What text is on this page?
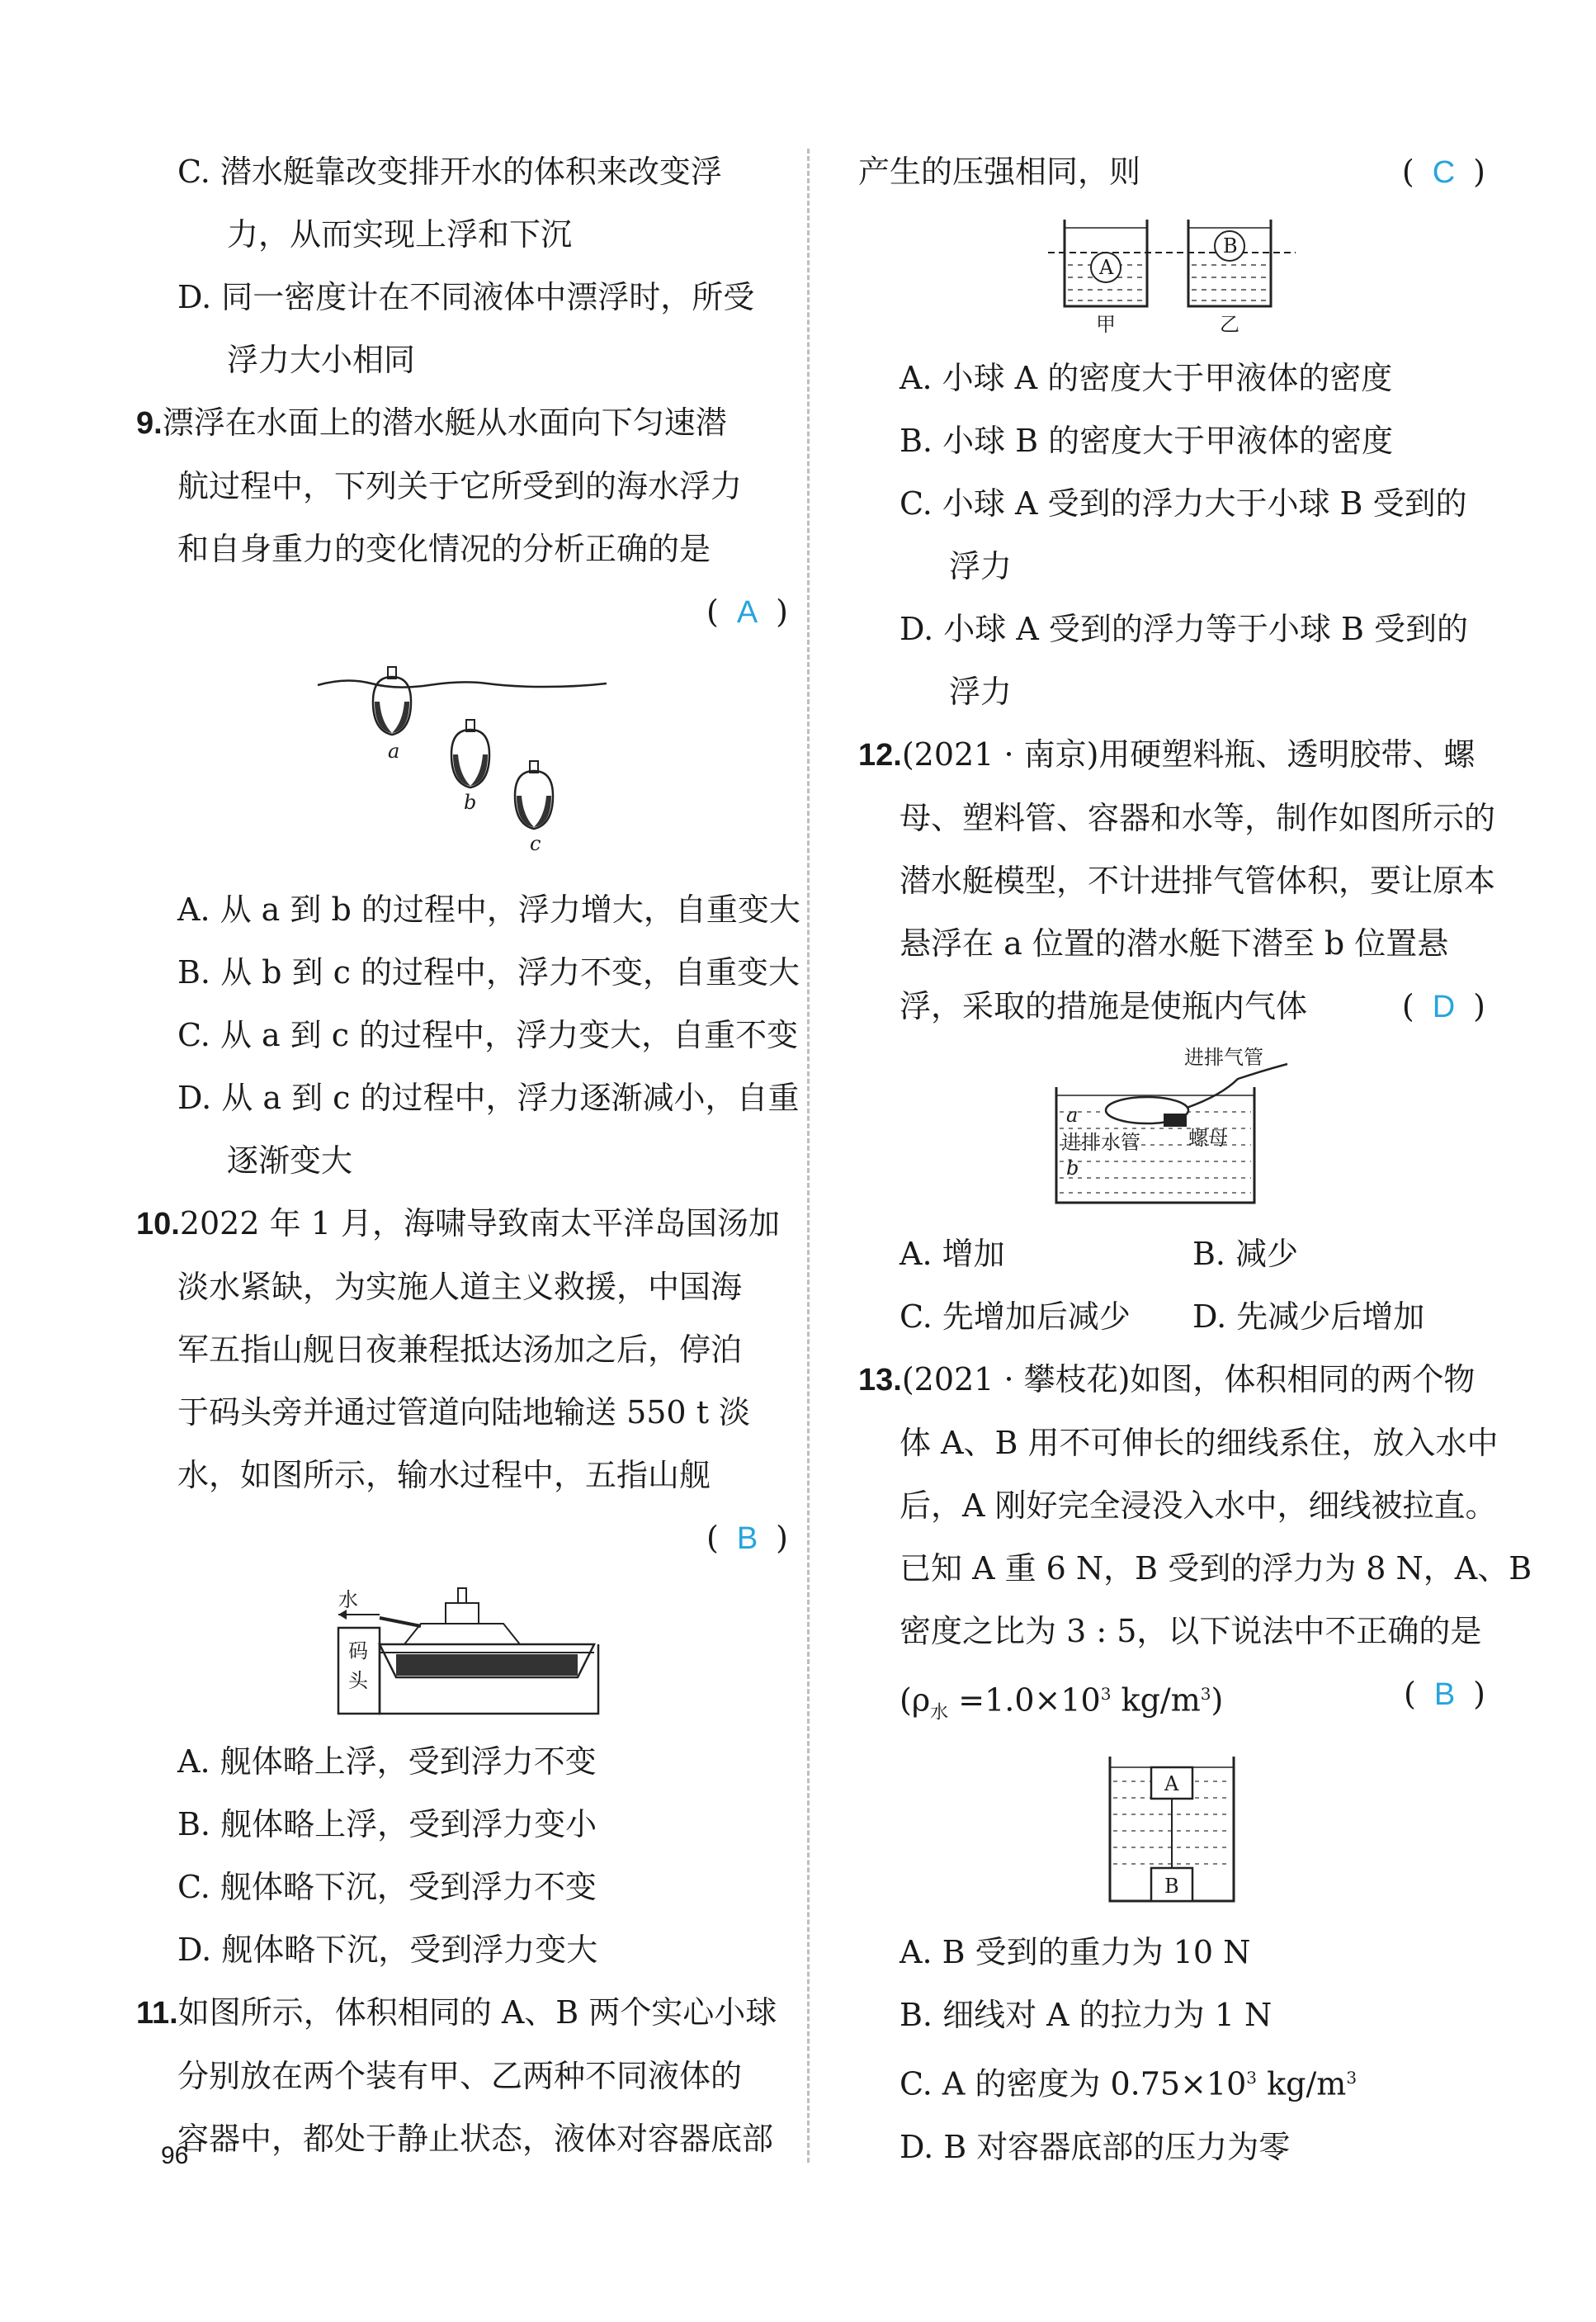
C. 潜水艇靠改变排开水的体积来改变浮
力，从而实现上浮和下沉
D. 同一密度计在不同液体中漂浮时，所受
浮力大小相同
9.漂浮在水面上的潜水艇从水面向下匀速潜
航过程中，下列关于它所受到的海水浮力
和自身重力的变化情况的分析正确的是
( A )
a
b
c
A. 从 a 到 b 的过程中，浮力增大，自重变大
B. 从 b 到 c 的过程中，浮力不变，自重变大
C. 从 a 到 c 的过程中，浮力变大，自重不变
D. 从 a 到 c 的过程中，浮力逐渐减小，自重
逐渐变大
10.2022 年 1 月，海啸导致南太平洋岛国汤加
淡水紧缺，为实施人道主义救援，中国海
军五指山舰日夜兼程抵达汤加之后，停泊
于码头旁并通过管道向陆地输送 550 t 淡
水，如图所示，输水过程中，五指山舰
( B )
水
码
头
A. 舰体略上浮，受到浮力不变
B. 舰体略上浮，受到浮力变小
C. 舰体略下沉，受到浮力不变
D. 舰体略下沉，受到浮力变大
11.如图所示，体积相同的 A、B 两个实心小球
分别放在两个装有甲、乙两种不同液体的
容器中，都处于静止状态，液体对容器底部
产生的压强相同，则	( C )
A
甲
B
乙
A. 小球 A 的密度大于甲液体的密度
B. 小球 B 的密度大于甲液体的密度
C. 小球 A 受到的浮力大于小球 B 受到的
浮力
D. 小球 A 受到的浮力等于小球 B 受到的
浮力
12.(2021 · 南京)用硬塑料瓶、透明胶带、螺
母、塑料管、容器和水等，制作如图所示的
潜水艇模型，不计进排气管体积，要让原本
悬浮在 a 位置的潜水艇下潜至 b 位置悬
浮，采取的措施是使瓶内气体	( D )
进排气管
a
进排水管 螺母
b
A. 增加	B. 减少
C. 先增加后减少	D. 先减少后增加
13.(2021 · 攀枝花)如图，体积相同的两个物
体 A、B 用不可伸长的细线系住，放入水中
后，A 刚好完全浸没入水中，细线被拉直。
已知 A 重 6 N，B 受到的浮力为 8 N，A、B
密度之比为 3 : 5，以下说法中不正确的是
($\rho_水 =1.0\times 10^3$ $kg/m^3$)	( B )
A
B
A. B 受到的重力为 10 N
B. 细线对 A 的拉力为 1 N
C. A 的密度为 $0.75\times 10^3$ $kg/m^3$
D. B 对容器底部的压力为零
96
